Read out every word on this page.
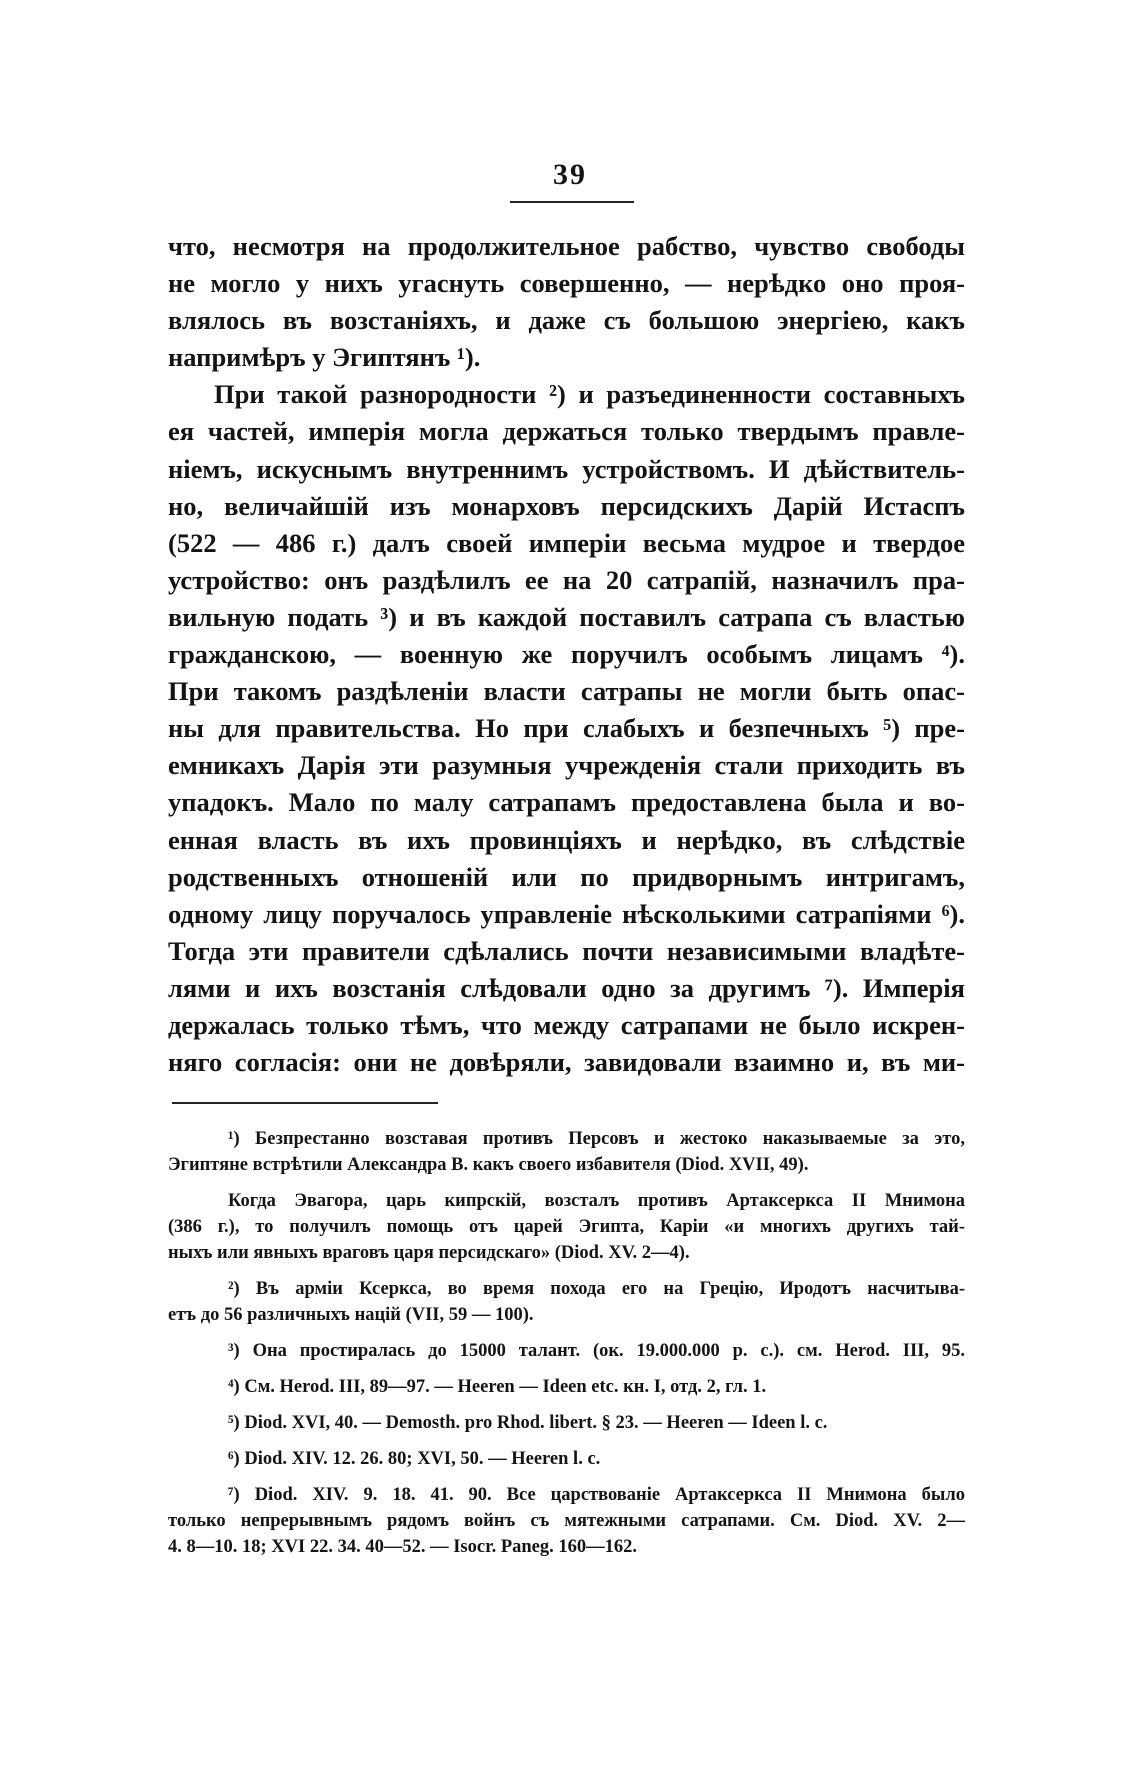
39
что, несмотря на продолжительное рабство, чувство свободы
не могло у нихъ угаснуть совершенно, — нерѣдко оно проя-
влялось въ возстаніяхъ, и даже съ большою энергіею, какъ
напримѣръ у Эгиптянъ ¹).
При такой разнородности ²) и разъединенности составныхъ
ея частей, имперія могла держаться только твердымъ правле-
ніемъ, искуснымъ внутреннимъ устройствомъ. И дѣйствитель-
но, величайшій изъ монарховъ персидскихъ Дарій Истаспъ
(522 — 486 г.) далъ своей имперіи весьма мудрое и твердое
устройство: онъ раздѣлилъ ее на 20 сатрапій, назначилъ пра-
вильную подать ³) и въ каждой поставилъ сатрапа съ властью
гражданскою, — военную же поручилъ особымъ лицамъ ⁴).
При такомъ раздѣленіи власти сатрапы не могли быть опас-
ны для правительства. Но при слабыхъ и безпечныхъ ⁵) пре-
емникахъ Дарія эти разумныя учрежденія стали приходить въ
упадокъ. Мало по малу сатрапамъ предоставлена была и во-
енная власть въ ихъ провинціяхъ и нерѣдко, въ слѣдствіе
родственныхъ отношеній или по придворнымъ интригамъ,
одному лицу поручалось управленіе нѣсколькими сатрапіями ⁶).
Тогда эти правители сдѣлались почти независимыми владѣте-
лями и ихъ возстанія слѣдовали одно за другимъ ⁷). Имперія
держалась только тѣмъ, что между сатрапами не было искрен-
няго согласія: они не довѣряли, завидовали взаимно и, въ ми-
¹) Безпрестанно возставая противъ Персовъ и жестоко наказываемые за это,
Эгиптяне встрѣтили Александра В. какъ своего избавителя (Diod. XVII, 49).
Когда Эвагора, царь кипрскій, возсталъ противъ Артаксеркса II Мнимона
(386 г.), то получилъ помощь отъ царей Эгипта, Каріи «и многихъ другихъ тай-
ныхъ или явныхъ враговъ царя персидскаго» (Diod. XV. 2—4).
²) Въ арміи Ксеркса, во время похода его на Грецію, Иродотъ насчитыва-
етъ до 56 различныхъ націй (VII, 59 — 100).
³) Она простиралась до 15000 талант. (ок. 19.000.000 р. с.). см. Herod. III, 95.
⁴) См. Herod. III, 89—97. — Heeren — Ideen etc. кн. I, отд. 2, гл. 1.
⁵) Diod. XVI, 40. — Demosth. pro Rhod. libert. § 23. — Heeren — Ideen l. c.
⁶) Diod. XIV. 12. 26. 80; XVI, 50. — Heeren l. c.
⁷) Diod. XIV. 9. 18. 41. 90. Все царствованіе Артаксеркса II Мнимона было
только непрерывнымъ рядомъ войнъ съ мятежными сатрапами. См. Diod. XV. 2—
4. 8—10. 18; XVI 22. 34. 40—52. — Isocr. Paneg. 160—162.
